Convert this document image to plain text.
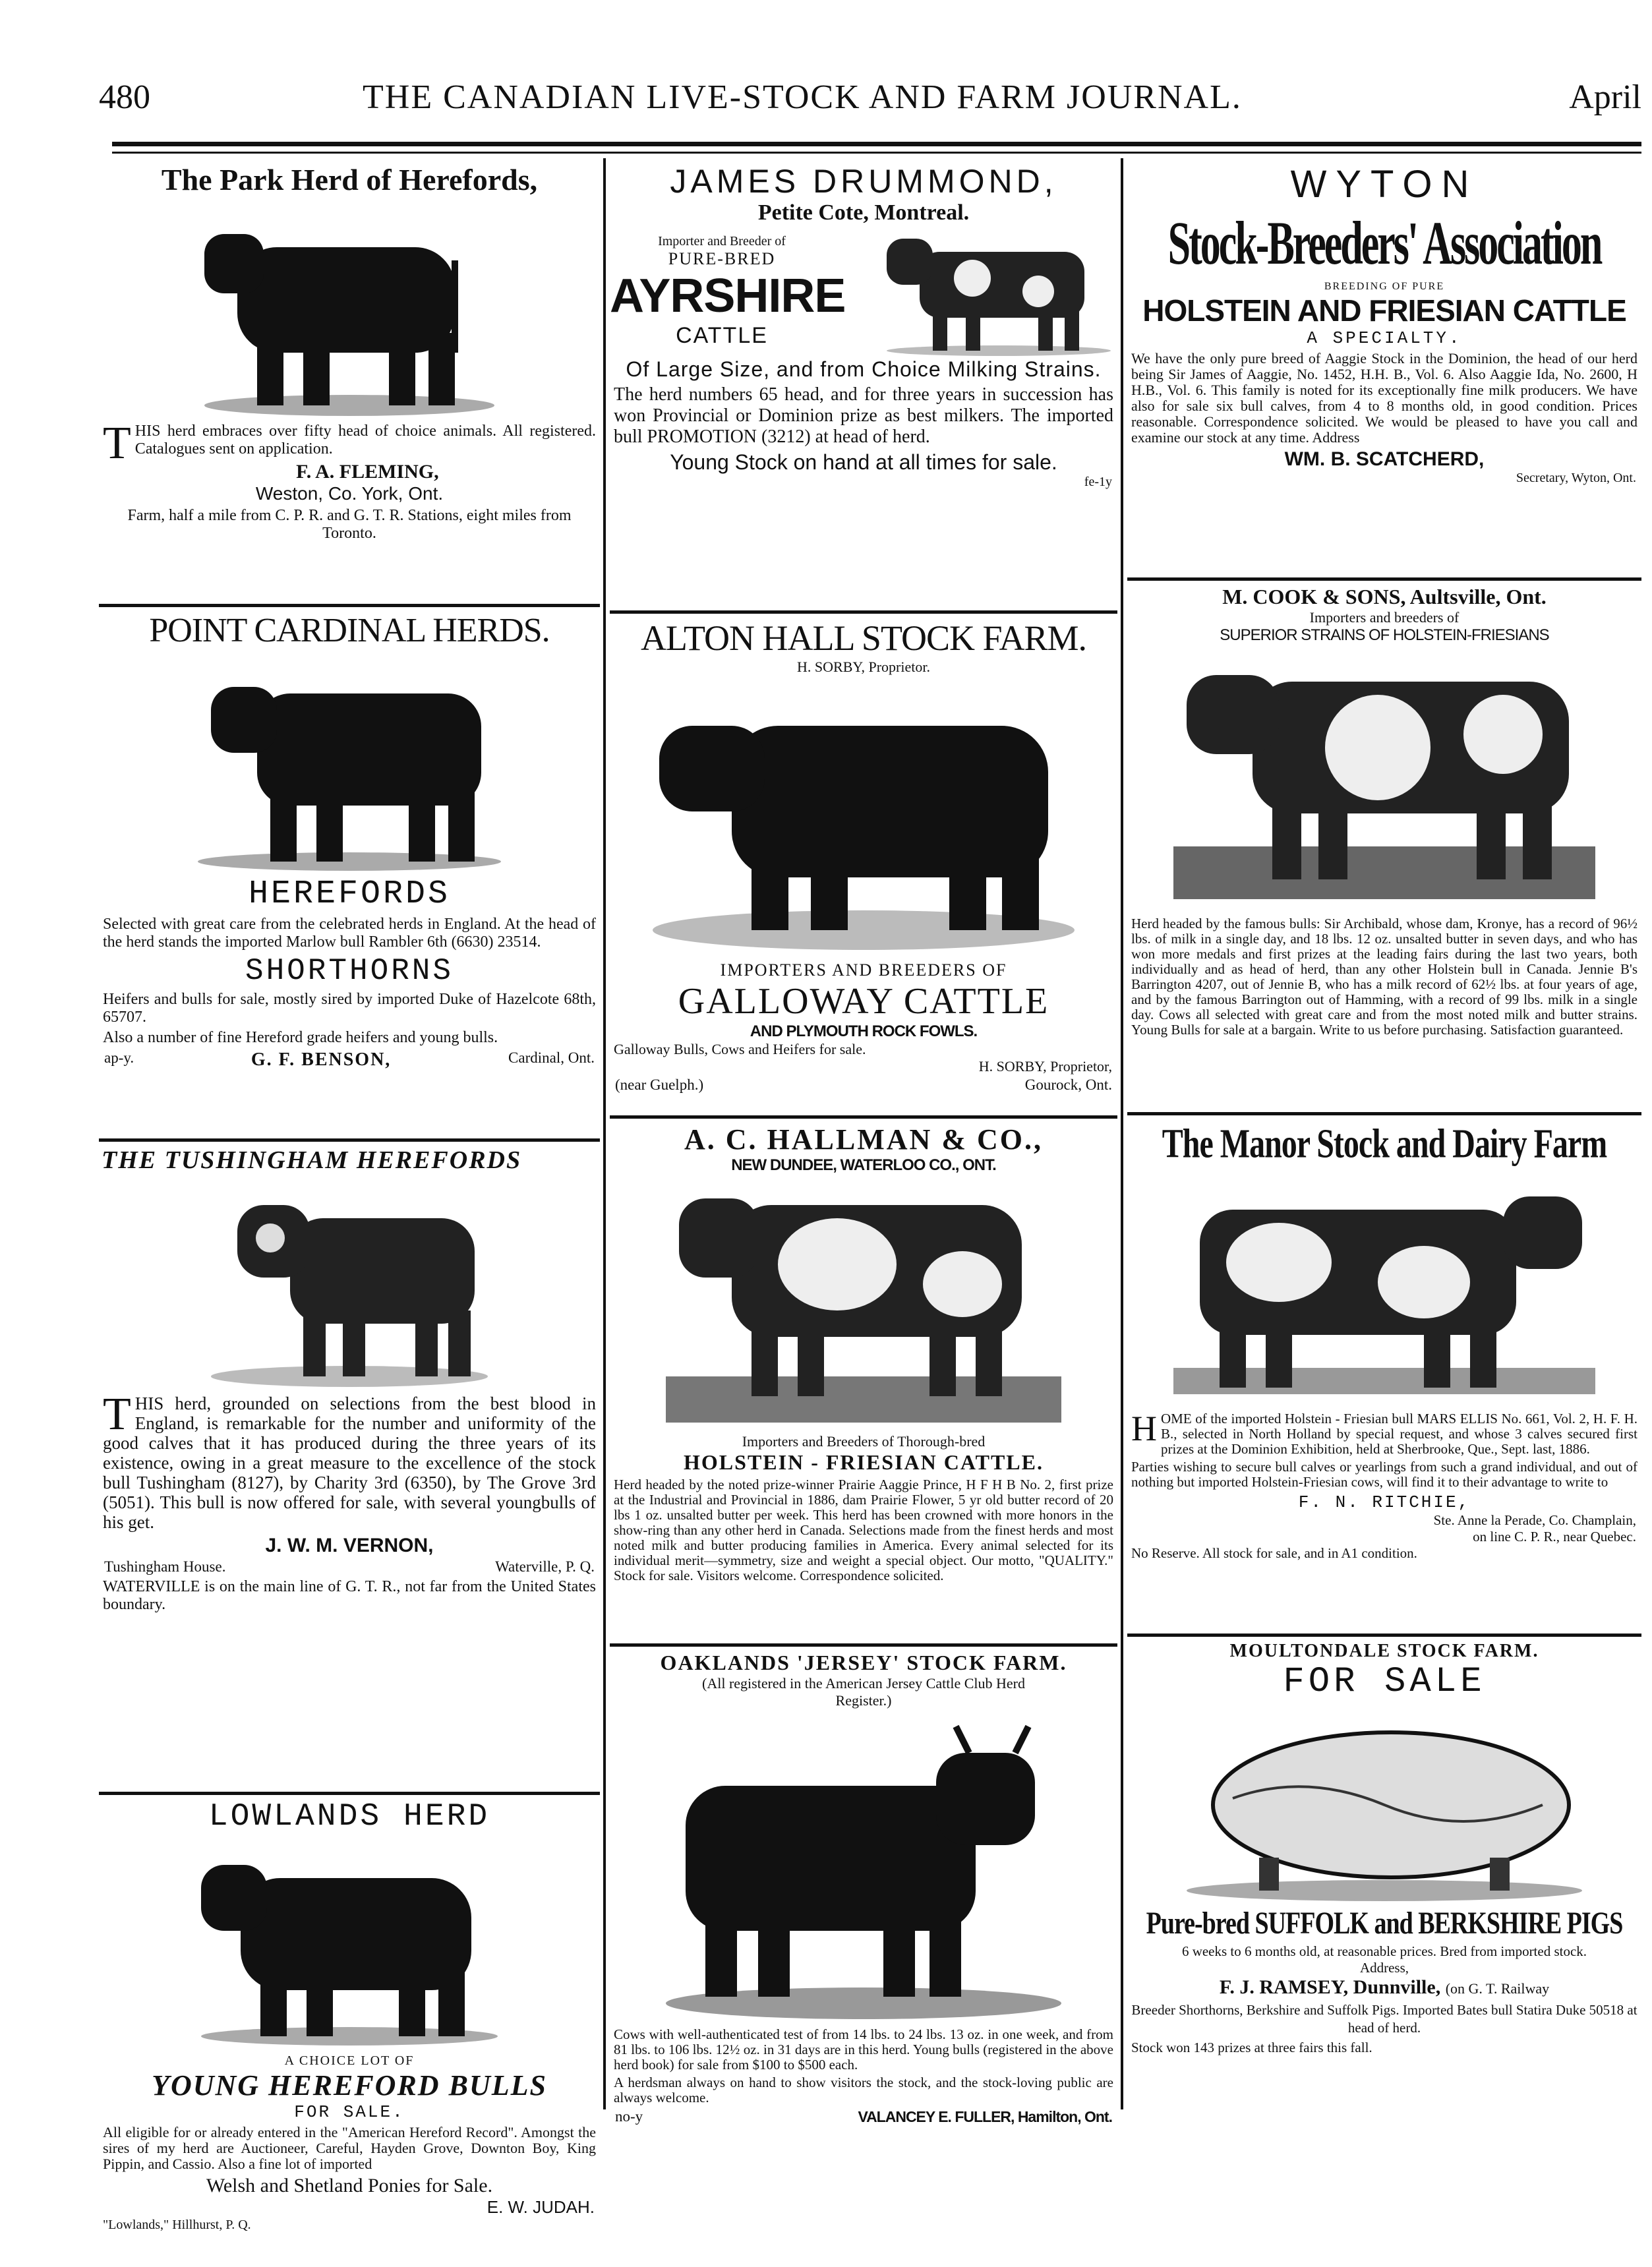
480	THE CANADIAN LIVE-STOCK AND FARM JOURNAL.	April
The Park Herd of Herefords,
THIS herd embraces over fifty head of choice animals. All registered. Catalogues sent on application.
F. A. FLEMING,
Weston, Co. York, Ont.
Farm, half a mile from C. P. R. and G. T. R. Stations, eight miles from Toronto.
POINT CARDINAL HERDS.
HEREFORDS
Selected with great care from the celebrated herds in England. At the head of the herd stands the imported Marlow bull Rambler 6th (6630) 23514.
SHORTHORNS
Heifers and bulls for sale, mostly sired by imported Duke of Hazelcote 68th, 65707.
Also a number of fine Hereford grade heifers and young bulls.
ap-y.	G. F. BENSON,	Cardinal, Ont.
THE TUSHINGHAM HEREFORDS
THIS herd, grounded on selections from the best blood in England, is remarkable for the number and uniformity of the good calves that it has produced during the three years of its existence, owing in a great measure to the excellence of the stock bull Tushingham (8127), by Charity 3rd (6350), by The Grove 3rd (5051). This bull is now offered for sale, with several youngbulls of his get.
J. W. M. VERNON,
Tushingham House.	Waterville, P. Q.
WATERVILLE is on the main line of G. T. R., not far from the United States boundary.
LOWLANDS HERD
A CHOICE LOT OF
YOUNG HEREFORD BULLS
FOR SALE.
All eligible for or already entered in the "American Hereford Record". Amongst the sires of my herd are Auctioneer, Careful, Hayden Grove, Downton Boy, King Pippin, and Cassio. Also a fine lot of imported
Welsh and Shetland Ponies for Sale.
E. W. JUDAH.
"Lowlands," Hillhurst, P. Q.
JAMES DRUMMOND,
Petite Cote, Montreal.
Importer and Breeder of
PURE-BRED
AYRSHIRE
CATTLE
Of Large Size, and from Choice Milking Strains.
The herd numbers 65 head, and for three years in succession has won Provincial or Dominion prize as best milkers. The imported bull PROMOTION (3212) at head of herd.
Young Stock on hand at all times for sale.
fe-1y
ALTON HALL STOCK FARM.
H. SORBY, Proprietor.
IMPORTERS AND BREEDERS OF
GALLOWAY CATTLE
AND PLYMOUTH ROCK FOWLS.
Galloway Bulls, Cows and Heifers for sale.
H. SORBY, Proprietor,
(near Guelph.)	Gourock, Ont.
A. C. HALLMAN & CO.,
NEW DUNDEE, WATERLOO CO., ONT.
Importers and Breeders of Thorough-bred
HOLSTEIN - FRIESIAN CATTLE.
Herd headed by the noted prize-winner Prairie Aaggie Prince, H F H B No. 2, first prize at the Industrial and Provincial in 1886, dam Prairie Flower, 5 yr old butter record of 20 lbs 1 oz. unsalted butter per week. This herd has been crowned with more honors in the show-ring than any other herd in Canada. Selections made from the finest herds and most noted milk and butter producing families in America. Every animal selected for its individual merit—symmetry, size and weight a special object. Our motto, "QUALITY." Stock for sale. Visitors welcome. Correspondence solicited.
OAKLANDS 'JERSEY' STOCK FARM.
(All registered in the American Jersey Cattle Club Herd Register.)
Cows with well-authenticated test of from 14 lbs. to 24 lbs. 13 oz. in one week, and from 81 lbs. to 106 lbs. 12½ oz. in 31 days are in this herd. Young bulls (registered in the above herd book) for sale from $100 to $500 each.
A herdsman always on hand to show visitors the stock, and the stock-loving public are always welcome.
no-y	VALANCEY E. FULLER, Hamilton, Ont.
WYTON
Stock-Breeders' Association
BREEDING OF PURE
HOLSTEIN AND FRIESIAN CATTLE
A SPECIALTY.
We have the only pure breed of Aaggie Stock in the Dominion, the head of our herd being Sir James of Aaggie, No. 1452, H.H. B., Vol. 6. Also Aaggie Ida, No. 2600, H H.B., Vol. 6. This family is noted for its exceptionally fine milk producers. We have also for sale six bull calves, from 4 to 8 months old, in good condition. Prices reasonable. Correspondence solicited. We would be pleased to have you call and examine our stock at any time. Address
WM. B. SCATCHERD,
Secretary, Wyton, Ont.
M. COOK & SONS, Aultsville, Ont.
Importers and breeders of
SUPERIOR STRAINS OF HOLSTEIN-FRIESIANS
Herd headed by the famous bulls: Sir Archibald, whose dam, Kronye, has a record of 96½ lbs. of milk in a single day, and 18 lbs. 12 oz. unsalted butter in seven days, and who has won more medals and first prizes at the leading fairs during the last two years, both individually and as head of herd, than any other Holstein bull in Canada. Jennie B's Barrington 4207, out of Jennie B, who has a milk record of 62½ lbs. at four years of age, and by the famous Barrington out of Hamming, with a record of 99 lbs. milk in a single day. Cows all selected with great care and from the most noted milk and butter strains. Young Bulls for sale at a bargain. Write to us before purchasing. Satisfaction guaranteed.
The Manor Stock and Dairy Farm
HOME of the imported Holstein - Friesian bull MARS ELLIS No. 661, Vol. 2, H. F. H. B., selected in North Holland by special request, and whose 3 calves secured first prizes at the Dominion Exhibition, held at Sherbrooke, Que., Sept. last, 1886.
Parties wishing to secure bull calves or yearlings from such a grand individual, and out of nothing but imported Holstein-Friesian cows, will find it to their advantage to write to
F. N. RITCHIE,
Ste. Anne la Perade, Co. Champlain,
on line C. P. R., near Quebec.
No Reserve. All stock for sale, and in A1 condition.
MOULTONDALE STOCK FARM.
FOR SALE
Pure-bred SUFFOLK and BERKSHIRE PIGS
6 weeks to 6 months old, at reasonable prices. Bred from imported stock. Address,
F. J. RAMSEY, Dunnville, (on G. T. Railway
Breeder Shorthorns, Berkshire and Suffolk Pigs. Imported Bates bull Statira Duke 50518 at head of herd.
Stock won 143 prizes at three fairs this fall.
